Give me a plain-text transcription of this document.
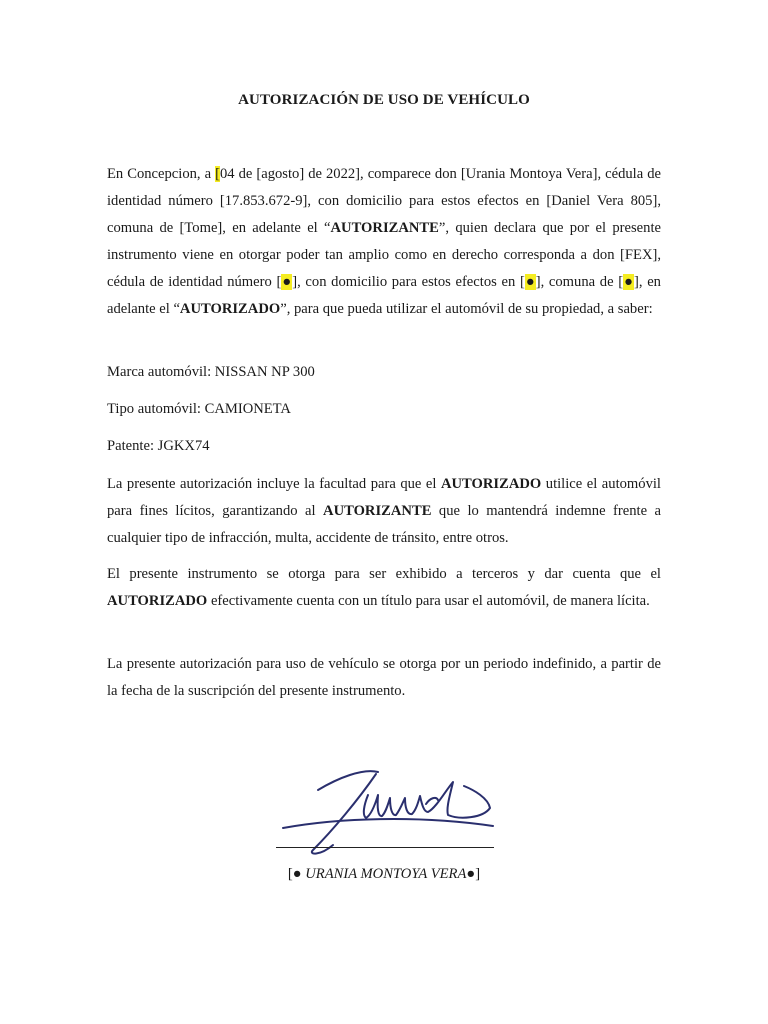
AUTORIZACIÓN DE USO DE VEHÍCULO

En Concepcion, a [04 de [agosto] de 2022], comparece don [Urania Montoya Vera], cédula de identidad número [17.853.672-9], con domicilio para estos efectos en [Daniel Vera 805], comuna de [Tome], en adelante el “AUTORIZANTE”, quien declara que por el presente instrumento viene en otorgar poder tan amplio como en derecho corresponda a don [FEX], cédula de identidad número [●], con domicilio para estos efectos en [●], comuna de [●], en adelante el “AUTORIZADO”, para que pueda utilizar el automóvil de su propiedad, a saber:

Marca automóvil: NISSAN NP 300

Tipo automóvil: CAMIONETA

Patente: JGKX74

La presente autorización incluye la facultad para que el AUTORIZADO utilice el automóvil para fines lícitos, garantizando al AUTORIZANTE que lo mantendrá indemne frente a cualquier tipo de infracción, multa, accidente de tránsito, entre otros.

El presente instrumento se otorga para ser exhibido a terceros y dar cuenta que el AUTORIZADO efectivamente cuenta con un título para usar el automóvil, de manera lícita.

La presente autorización para uso de vehículo se otorga por un periodo indefinido, a partir de la fecha de la suscripción del presente instrumento.

[● URANIA MONTOYA VERA●]
